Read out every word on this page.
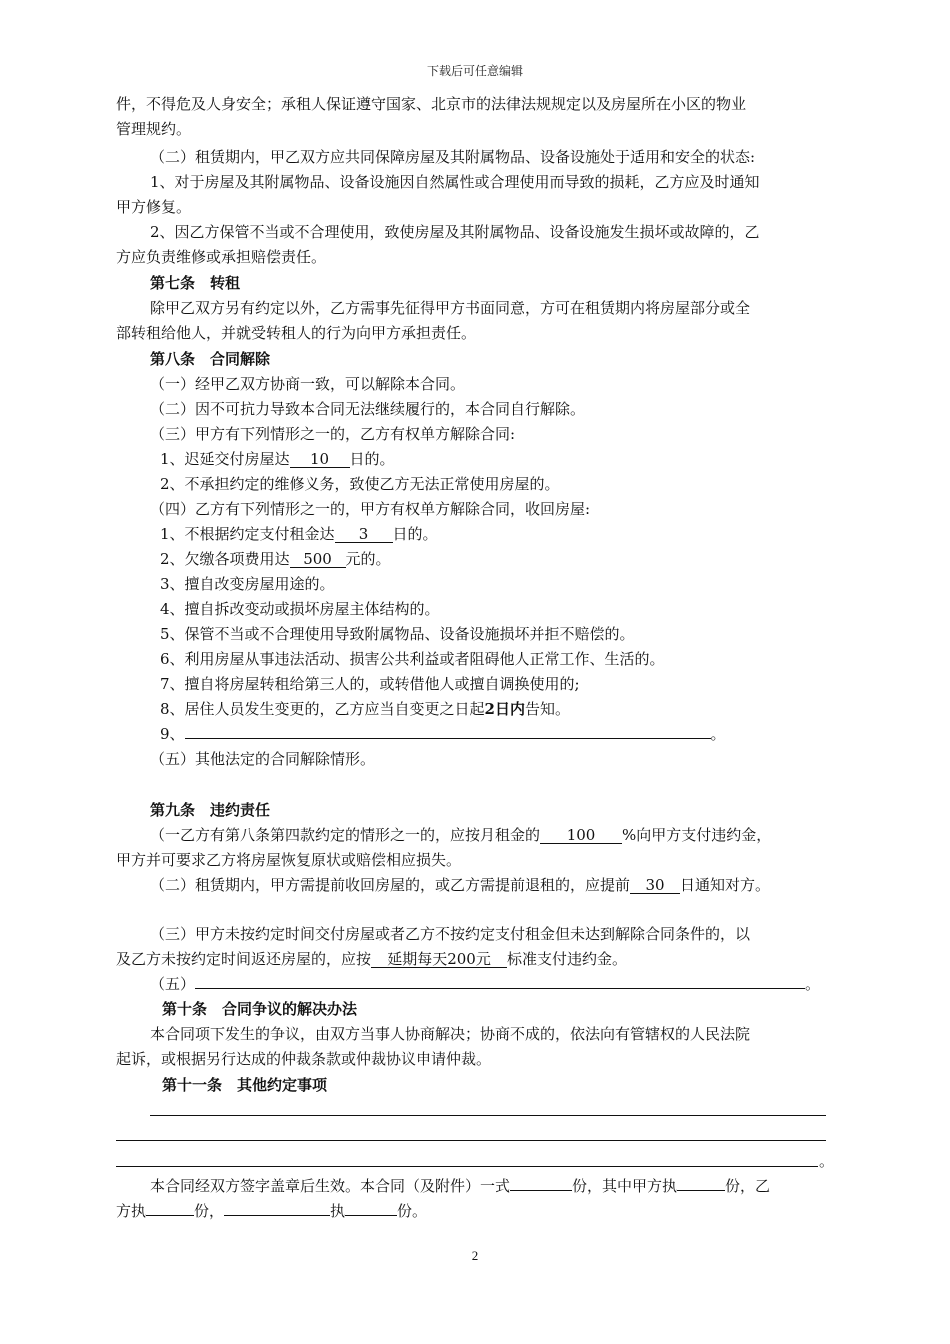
下载后可任意编辑
件，不得危及人身安全；承租人保证遵守国家、北京市的法律法规规定以及房屋所在小区的物业
管理规约。
（二）租赁期内，甲乙双方应共同保障房屋及其附属物品、设备设施处于适用和安全的状态:
1、对于房屋及其附属物品、设备设施因自然属性或合理使用而导致的损耗，乙方应及时通知
甲方修复。
2、因乙方保管不当或不合理使用，致使房屋及其附属物品、设备设施发生损坏或故障的，乙
方应负责维修或承担赔偿责任。
第七条　转租
除甲乙双方另有约定以外，乙方需事先征得甲方书面同意，方可在租赁期内将房屋部分或全
部转租给他人，并就受转租人的行为向甲方承担责任。
第八条　合同解除
（一）经甲乙双方协商一致，可以解除本合同。
（二）因不可抗力导致本合同无法继续履行的，本合同自行解除。
（三）甲方有下列情形之一的，乙方有权单方解除合同:
1、迟延交付房屋达 10 日的。
2、不承担约定的维修义务，致使乙方无法正常使用房屋的。
（四）乙方有下列情形之一的，甲方有权单方解除合同，收回房屋:
1、不根据约定支付租金达 3 日的。
2、欠缴各项费用达 500 元的。
3、擅自改变房屋用途的。
4、擅自拆改变动或损坏房屋主体结构的。
5、保管不当或不合理使用导致附属物品、设备设施损坏并拒不赔偿的。
6、利用房屋从事违法活动、损害公共利益或者阻碍他人正常工作、生活的。
7、擅自将房屋转租给第三人的，或转借他人或擅自调换使用的;
8、居住人员发生变更的，乙方应当自变更之日起2日内告知。
9、	。
（五）其他法定的合同解除情形。
第九条　违约责任
（一乙方有第八条第四款约定的情形之一的，应按月租金的 100 %向甲方支付违约金，
甲方并可要求乙方将房屋恢复原状或赔偿相应损失。
（二）租赁期内，甲方需提前收回房屋的，或乙方需提前退租的，应提前 30 日通知对方。
（三）甲方未按约定时间交付房屋或者乙方不按约定支付租金但未达到解除合同条件的，以
及乙方未按约定时间返还房屋的，应按 延期每天200元 标准支付违约金。
（五）	。
第十条　合同争议的解决办法
本合同项下发生的争议，由双方当事人协商解决；协商不成的，依法向有管辖权的人民法院
起诉，或根据另行达成的仲裁条款或仲裁协议申请仲裁。
第十一条　其他约定事项
。
本合同经双方签字盖章后生效。本合同（及附件）一式	份，其中甲方执	份，乙
方执	份，	执	份。
2
